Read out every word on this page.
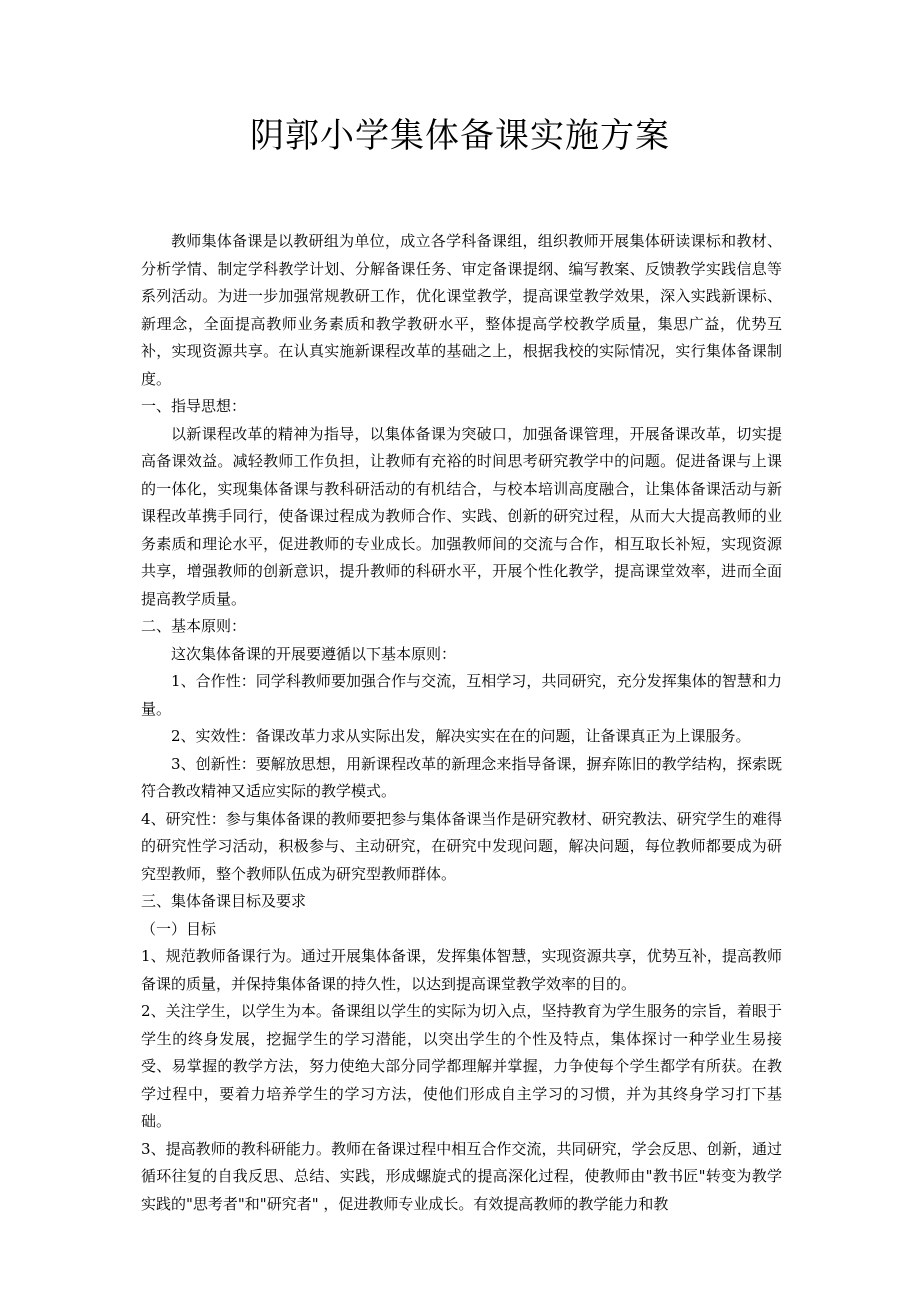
阴郭小学集体备课实施方案

教师集体备课是以教研组为单位，成立各学科备课组，组织教师开展集体研读课标和教材、分析学情、制定学科教学计划、分解备课任务、审定备课提纲、编写教案、反馈教学实践信息等系列活动。为进一步加强常规教研工作，优化课堂教学，提高课堂教学效果，深入实践新课标、新理念，全面提高教师业务素质和教学教研水平，整体提高学校教学质量，集思广益，优势互补，实现资源共享。在认真实施新课程改革的基础之上，根据我校的实际情况，实行集体备课制度。

一、指导思想：

以新课程改革的精神为指导，以集体备课为突破口，加强备课管理，开展备课改革，切实提高备课效益。减轻教师工作负担，让教师有充裕的时间思考研究教学中的问题。促进备课与上课的一体化，实现集体备课与教科研活动的有机结合，与校本培训高度融合，让集体备课活动与新课程改革携手同行，使备课过程成为教师合作、实践、创新的研究过程，从而大大提高教师的业务素质和理论水平，促进教师的专业成长。加强教师间的交流与合作，相互取长补短，实现资源共享，增强教师的创新意识，提升教师的科研水平，开展个性化教学，提高课堂效率，进而全面提高教学质量。

二、基本原则：

这次集体备课的开展要遵循以下基本原则：

1、合作性：同学科教师要加强合作与交流，互相学习，共同研究，充分发挥集体的智慧和力量。

2、实效性：备课改革力求从实际出发，解决实实在在的问题，让备课真正为上课服务。

3、创新性：要解放思想，用新课程改革的新理念来指导备课，摒弃陈旧的教学结构，探索既符合教改精神又适应实际的教学模式。

4、研究性：参与集体备课的教师要把参与集体备课当作是研究教材、研究教法、研究学生的难得的研究性学习活动，积极参与、主动研究，在研究中发现问题，解决问题，每位教师都要成为研究型教师，整个教师队伍成为研究型教师群体。

三、集体备课目标及要求

（一）目标

1、规范教师备课行为。通过开展集体备课，发挥集体智慧，实现资源共享，优势互补，提高教师备课的质量，并保持集体备课的持久性，以达到提高课堂教学效率的目的。

2、关注学生，以学生为本。备课组以学生的实际为切入点，坚持教育为学生服务的宗旨，着眼于学生的终身发展，挖掘学生的学习潜能，以突出学生的个性及特点，集体探讨一种学业生易接受、易掌握的教学方法，努力使绝大部分同学都理解并掌握，力争使每个学生都学有所获。在教学过程中，要着力培养学生的学习方法，使他们形成自主学习的习惯，并为其终身学习打下基础。

3、提高教师的教科研能力。教师在备课过程中相互合作交流，共同研究，学会反思、创新，通过循环往复的自我反思、总结、实践，形成螺旋式的提高深化过程，使教师由"教书匠"转变为教学实践的"思考者"和"研究者" ，促进教师专业成长。有效提高教师的教学能力和教
